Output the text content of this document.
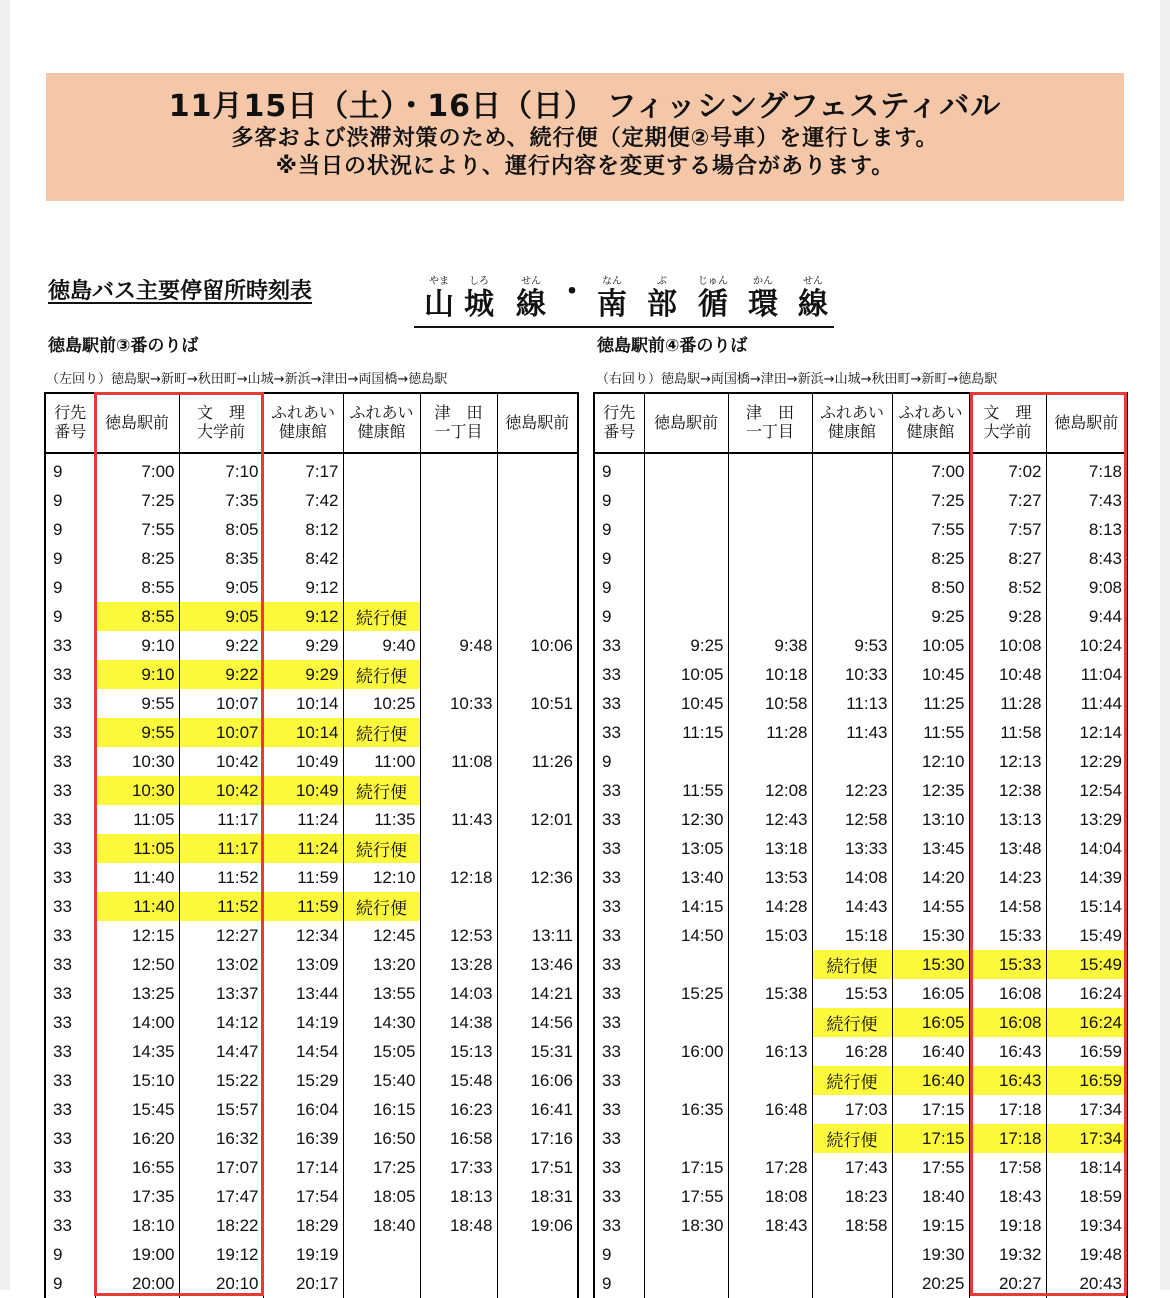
11月15日（土）・16日（日） フィッシングフェスティバル
多客および渋滞対策のため、続行便（定期便②号車）を運行します。
※当日の状況により、運行内容を変更する場合があります。
徳島バス主要停留所時刻表	やま
山
しろ
城
せん
線 ・	なん
南
ぶ
部
じゅん
循
かん
環
せん
線
徳島駅前③番のりば	徳島駅前④番のりば
（左回り）徳島駅→新町→秋田町→山城→新浜→津田→両国橋→徳島駅	（右回り）徳島駅→両国橋→津田→新浜→山城→秋田町→新町→徳島駅
行先
番号	徳島駅前	文　理
大学前	ふれあい
健康館	ふれあい
健康館	津　田
一丁目	徳島駅前
9	7:00	7:10	7:17			
9	7:25	7:35	7:42			
9	7:55	8:05	8:12			
9	8:25	8:35	8:42			
9	8:55	9:05	9:12			
9	8:55	9:05	9:12	続行便		
33	9:10	9:22	9:29	9:40	9:48	10:06
33	9:10	9:22	9:29	続行便		
33	9:55	10:07	10:14	10:25	10:33	10:51
33	9:55	10:07	10:14	続行便		
33	10:30	10:42	10:49	11:00	11:08	11:26
33	10:30	10:42	10:49	続行便		
33	11:05	11:17	11:24	11:35	11:43	12:01
33	11:05	11:17	11:24	続行便		
33	11:40	11:52	11:59	12:10	12:18	12:36
33	11:40	11:52	11:59	続行便		
33	12:15	12:27	12:34	12:45	12:53	13:11
33	12:50	13:02	13:09	13:20	13:28	13:46
33	13:25	13:37	13:44	13:55	14:03	14:21
33	14:00	14:12	14:19	14:30	14:38	14:56
33	14:35	14:47	14:54	15:05	15:13	15:31
33	15:10	15:22	15:29	15:40	15:48	16:06
33	15:45	15:57	16:04	16:15	16:23	16:41
33	16:20	16:32	16:39	16:50	16:58	17:16
33	16:55	17:07	17:14	17:25	17:33	17:51
33	17:35	17:47	17:54	18:05	18:13	18:31
33	18:10	18:22	18:29	18:40	18:48	19:06
9	19:00	19:12	19:19			
9	20:00	20:10	20:17			
行先
番号	徳島駅前	津　田
一丁目	ふれあい
健康館	ふれあい
健康館	文　理
大学前	徳島駅前
9				7:00	7:02	7:18
9				7:25	7:27	7:43
9				7:55	7:57	8:13
9				8:25	8:27	8:43
9				8:50	8:52	9:08
9				9:25	9:28	9:44
33	9:25	9:38	9:53	10:05	10:08	10:24
33	10:05	10:18	10:33	10:45	10:48	11:04
33	10:45	10:58	11:13	11:25	11:28	11:44
33	11:15	11:28	11:43	11:55	11:58	12:14
9				12:10	12:13	12:29
33	11:55	12:08	12:23	12:35	12:38	12:54
33	12:30	12:43	12:58	13:10	13:13	13:29
33	13:05	13:18	13:33	13:45	13:48	14:04
33	13:40	13:53	14:08	14:20	14:23	14:39
33	14:15	14:28	14:43	14:55	14:58	15:14
33	14:50	15:03	15:18	15:30	15:33	15:49
33			続行便	15:30	15:33	15:49
33	15:25	15:38	15:53	16:05	16:08	16:24
33			続行便	16:05	16:08	16:24
33	16:00	16:13	16:28	16:40	16:43	16:59
33			続行便	16:40	16:43	16:59
33	16:35	16:48	17:03	17:15	17:18	17:34
33			続行便	17:15	17:18	17:34
33	17:15	17:28	17:43	17:55	17:58	18:14
33	17:55	18:08	18:23	18:40	18:43	18:59
33	18:30	18:43	18:58	19:15	19:18	19:34
9				19:30	19:32	19:48
9				20:25	20:27	20:43
